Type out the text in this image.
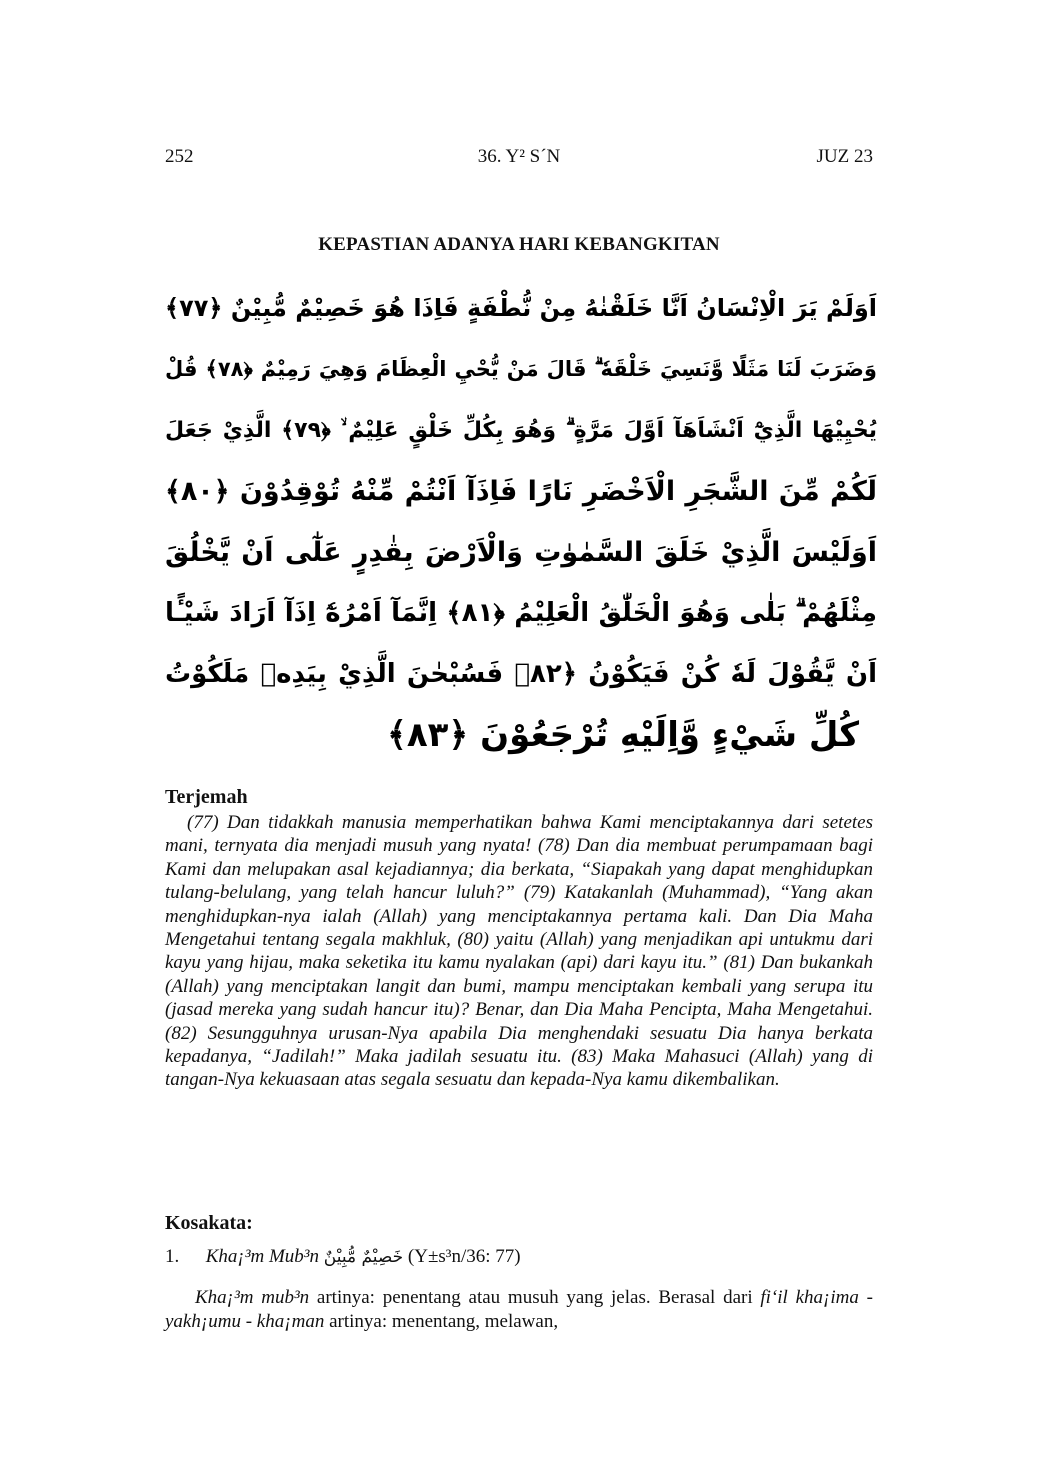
252	36. Y² S´N	JUZ 23
KEPASTIAN ADANYA HARI KEBANGKITAN
اَوَلَمْ يَرَ الْاِنْسَانُ اَنَّا خَلَقْنٰهُ مِنْ نُّطْفَةٍ فَاِذَا هُوَ خَصِيْمٌ مُّبِيْنٌ ﴿٧٧﴾
وَضَرَبَ لَنَا مَثَلًا وَّنَسِيَ خَلْقَهٗ ۗ قَالَ مَنْ يُّحْيِ الْعِظَامَ وَهِيَ رَمِيْمٌ ﴿٧٨﴾ قُلْ
يُحْيِيْهَا الَّذِيْٓ اَنْشَاَهَآ اَوَّلَ مَرَّةٍ ۗ وَهُوَ بِكُلِّ خَلْقٍ عَلِيْمٌ ۙ ﴿٧٩﴾ الَّذِيْ جَعَلَ
لَكُمْ مِّنَ الشَّجَرِ الْاَخْضَرِ نَارًا فَاِذَآ اَنْتُمْ مِّنْهُ تُوْقِدُوْنَ ﴿٨٠﴾
اَوَلَيْسَ الَّذِيْ خَلَقَ السَّمٰوٰتِ وَالْاَرْضَ بِقٰدِرٍ عَلٰٓى اَنْ يَّخْلُقَ
مِثْلَهُمْ ۗ بَلٰى وَهُوَ الْخَلّٰقُ الْعَلِيْمُ ﴿٨١﴾ اِنَّمَآ اَمْرُهٗٓ اِذَآ اَرَادَ شَيْـًٔا
اَنْ يَّقُوْلَ لَهٗ كُنْ فَيَكُوْنُ ﴿٨٢﴾ فَسُبْحٰنَ الَّذِيْ بِيَدِهٖ مَلَكُوْتُ
كُلِّ شَيْءٍ وَّاِلَيْهِ تُرْجَعُوْنَ ﴿٨٣﴾
Terjemah
(77) Dan tidakkah manusia memperhatikan bahwa Kami menciptakannya dari setetes mani, ternyata dia menjadi musuh yang nyata! (78) Dan dia membuat perumpamaan bagi Kami dan melupakan asal kejadiannya; dia berkata, “Siapakah yang dapat menghidupkan tulang-belulang, yang telah hancur luluh?” (79) Katakanlah (Muhammad), “Yang akan menghidupkan-nya ialah (Allah) yang menciptakannya pertama kali. Dan Dia Maha Mengetahui tentang segala makhluk, (80) yaitu (Allah) yang menjadikan api untukmu dari kayu yang hijau, maka seketika itu kamu nyalakan (api) dari kayu itu.” (81) Dan bukankah (Allah) yang menciptakan langit dan bumi, mampu menciptakan kembali yang serupa itu (jasad mereka yang sudah hancur itu)? Benar, dan Dia Maha Pencipta, Maha Mengetahui. (82) Sesungguhnya urusan-Nya apabila Dia menghendaki sesuatu Dia hanya berkata kepadanya, “Jadilah!” Maka jadilah sesuatu itu. (83) Maka Mahasuci (Allah) yang di tangan-Nya kekuasaan atas segala sesuatu dan kepada-Nya kamu dikembalikan.
Kosakata:
1. Kha¡³m Mub³n خَصِيْمٌ مُّبِيْنٌ (Y±s³n/36: 77)
Kha¡³m mub³n artinya: penentang atau musuh yang jelas. Berasal dari fi‘il kha¡ima - yakh¡umu - kha¡man artinya: menentang, melawan,
